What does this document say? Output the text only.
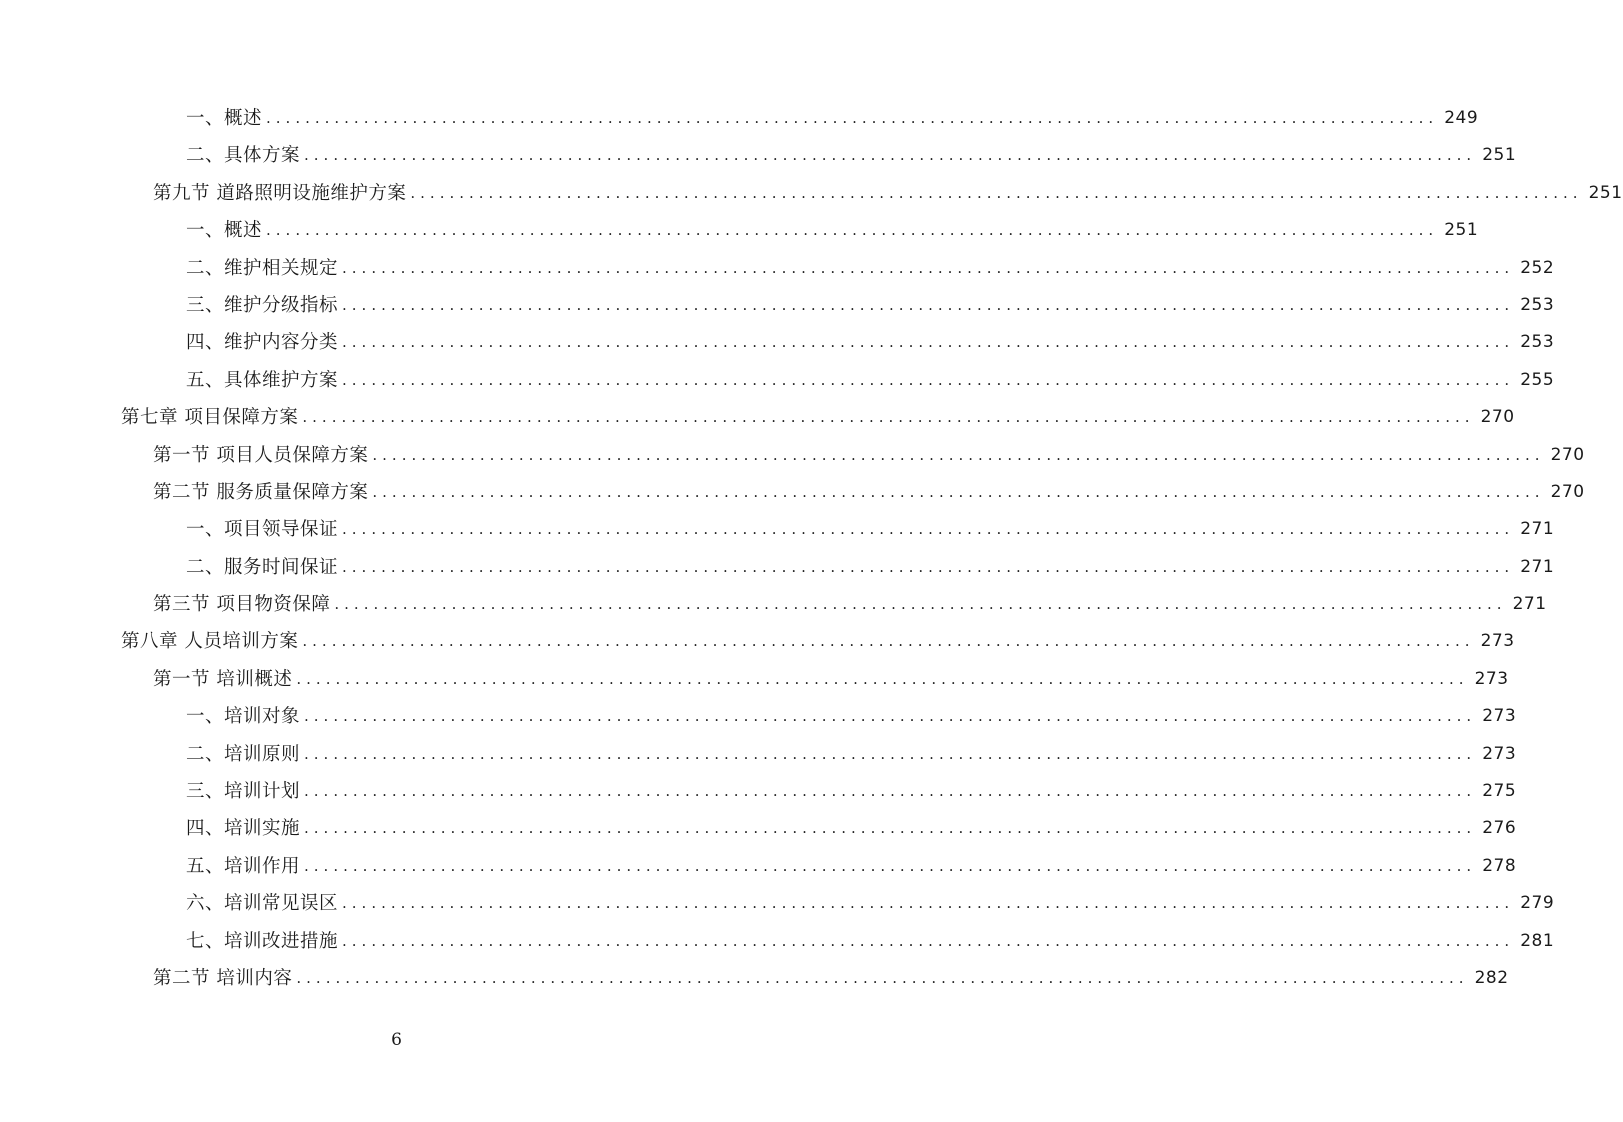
一、概述 ........................................................................................................................ 249
二、具体方案 ........................................................................................................................ 251
第九节 道路照明设施维护方案 ........................................................................................................................ 251
一、概述 ........................................................................................................................ 251
二、维护相关规定 ........................................................................................................................ 252
三、维护分级指标 ........................................................................................................................ 253
四、维护内容分类 ........................................................................................................................ 253
五、具体维护方案 ........................................................................................................................ 255
第七章 项目保障方案 ........................................................................................................................ 270
第一节 项目人员保障方案 ........................................................................................................................ 270
第二节 服务质量保障方案 ........................................................................................................................ 270
一、项目领导保证 ........................................................................................................................ 271
二、服务时间保证 ........................................................................................................................ 271
第三节 项目物资保障 ........................................................................................................................ 271
第八章 人员培训方案 ........................................................................................................................ 273
第一节 培训概述 ........................................................................................................................ 273
一、培训对象 ........................................................................................................................ 273
二、培训原则 ........................................................................................................................ 273
三、培训计划 ........................................................................................................................ 275
四、培训实施 ........................................................................................................................ 276
五、培训作用 ........................................................................................................................ 278
六、培训常见误区 ........................................................................................................................ 279
七、培训改进措施 ........................................................................................................................ 281
第二节 培训内容 ........................................................................................................................ 282
6
